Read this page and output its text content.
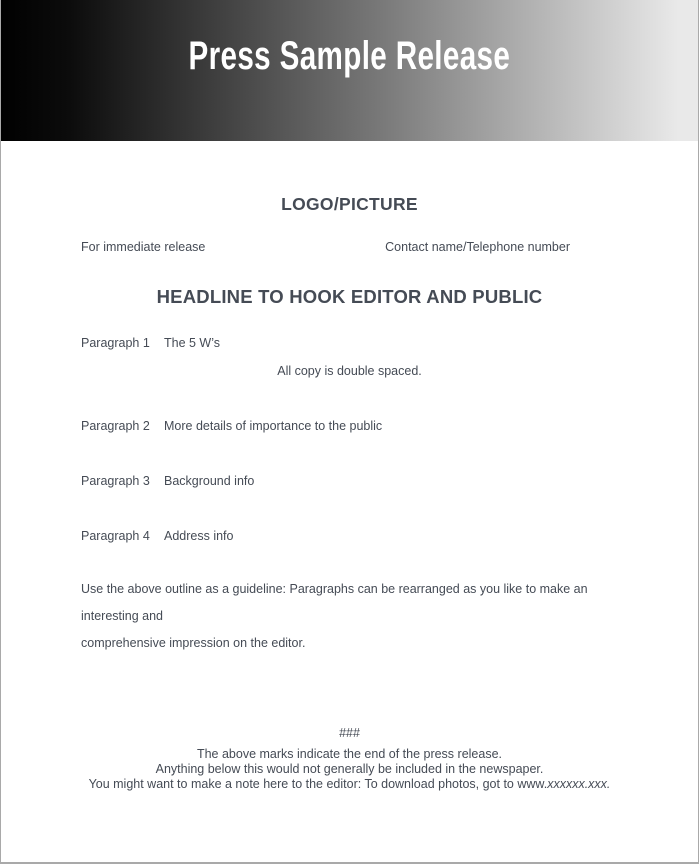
Press Sample Release
LOGO/PICTURE
For immediate release	Contact name/Telephone number
HEADLINE TO HOOK EDITOR AND PUBLIC
Paragraph 1	The 5 W’s
All copy is double spaced.
Paragraph 2	More details of importance to the public
Paragraph 3	Background info
Paragraph 4	Address info
Use the above outline as a guideline: Paragraphs can be rearranged as you like to make an interesting and
comprehensive impression on the editor.
###
The above marks indicate the end of the press release.
Anything below this would not generally be included in the newspaper.
You might want to make a note here to the editor: To download photos, got to www.xxxxxx.xxx.
